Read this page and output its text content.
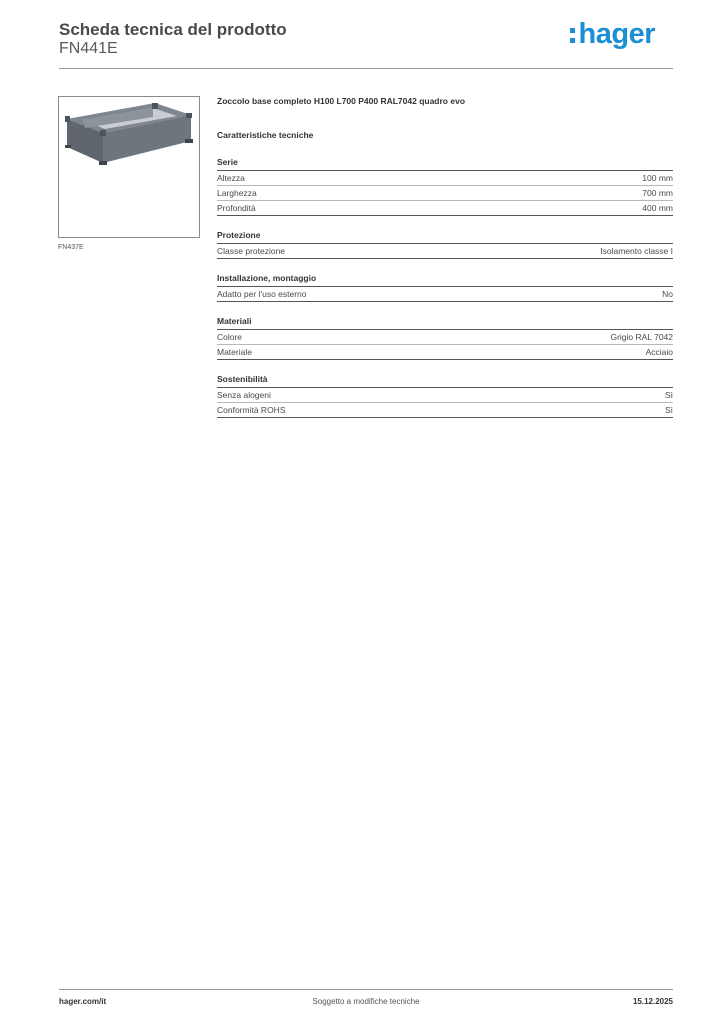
Scheda tecnica del prodotto
FN441E	hager
FN437E
Zoccolo base completo H100 L700 P400 RAL7042 quadro evo
Caratteristiche tecniche
Serie
Altezza	100 mm
Larghezza	700 mm
Profondità	400 mm
Protezione
Classe protezione	Isolamento classe I
Installazione, montaggio
Adatto per l'uso esterno	No
Materiali
Colore	Grigio RAL 7042
Materiale	Acciaio
Sostenibilità
Senza alogeni	Sì
Conformità ROHS	Sì
hager.com/it	Soggetto a modifiche tecniche	15.12.2025
